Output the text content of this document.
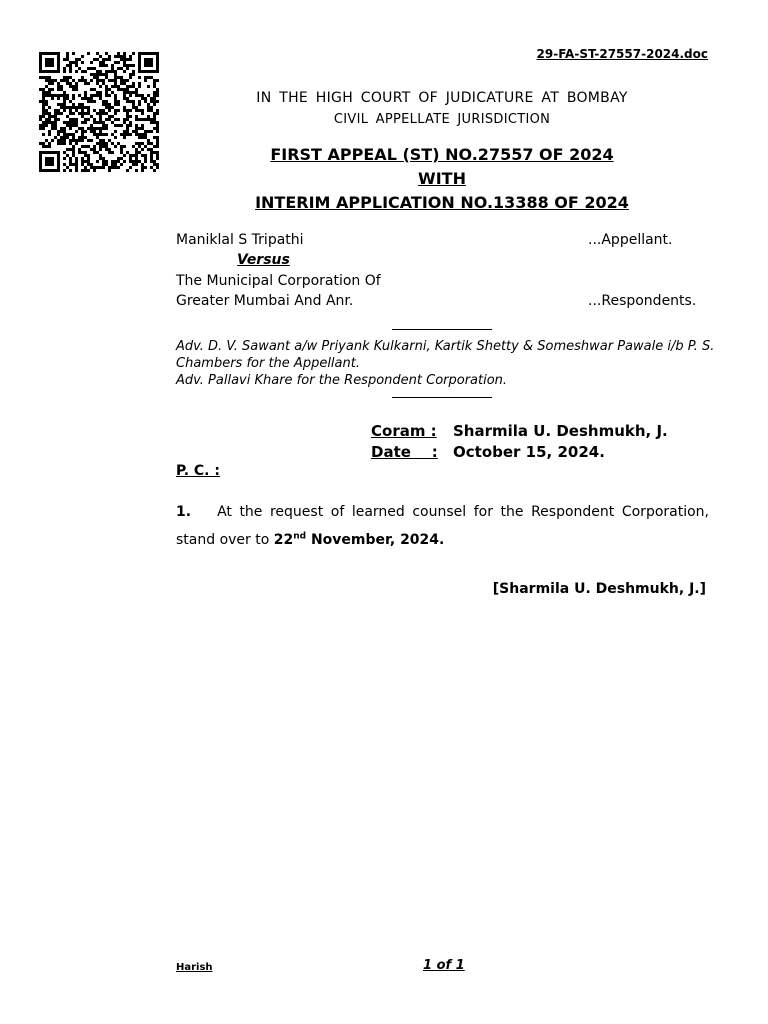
29-FA-ST-27557-2024.doc
IN THE HIGH COURT OF JUDICATURE AT BOMBAY
CIVIL APPELLATE JURISDICTION
FIRST APPEAL (ST) NO.27557 OF 2024
WITH
INTERIM APPLICATION NO.13388 OF 2024
Maniklal S Tripathi	...Appellant.
Versus
The Municipal Corporation Of
Greater Mumbai And Anr.	...Respondents.
Adv. D. V. Sawant a/w Priyank Kulkarni, Kartik Shetty & Someshwar Pawale i/b P. S. Chambers for the Appellant.
Adv. Pallavi Khare for the Respondent Corporation.
Coram : Sharmila U. Deshmukh, J.
Date    : October 15, 2024.
P. C. :
1. At the request of learned counsel for the Respondent Corporation, stand over to 22nd November, 2024.
[Sharmila U. Deshmukh, J.]
Harish	1 of 1
